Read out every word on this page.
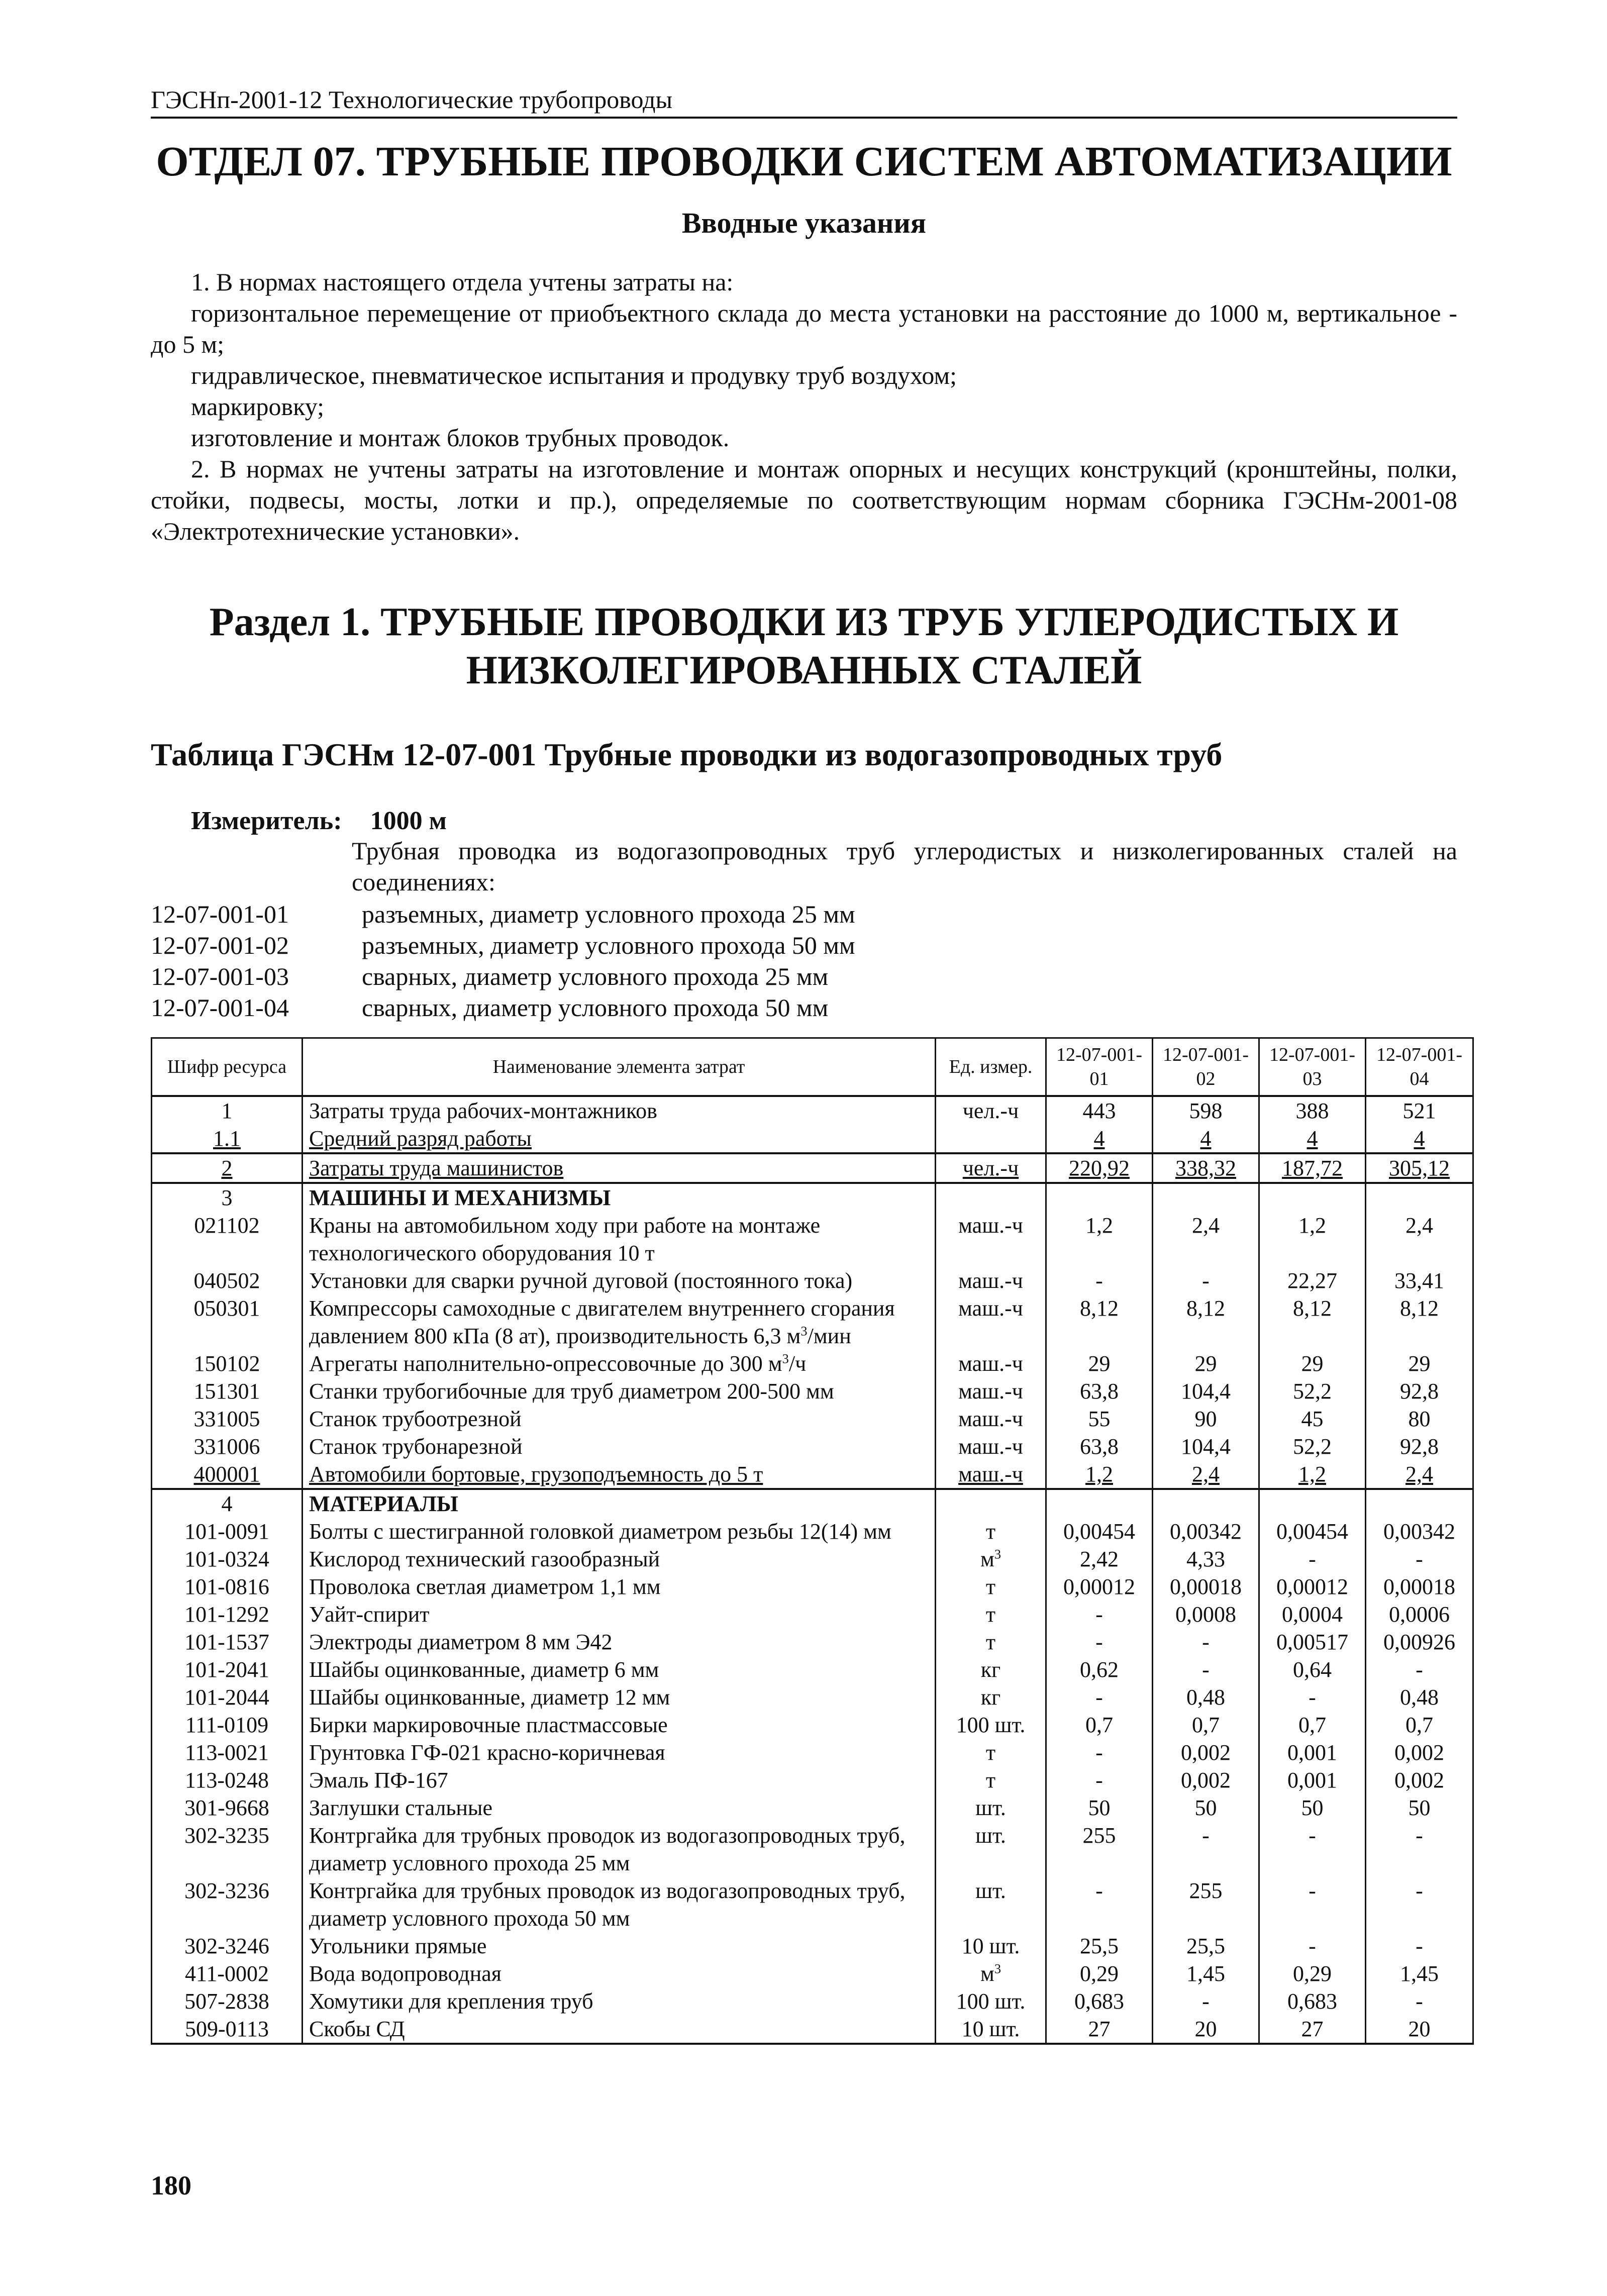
ГЭСНп-2001-12 Технологические трубопроводы
ОТДЕЛ 07. ТРУБНЫЕ ПРОВОДКИ СИСТЕМ АВТОМАТИЗАЦИИ
Вводные указания

1. В нормах настоящего отдела учтены затраты на:

горизонтальное перемещение от приобъектного склада до места установки на расстояние до 1000 м, вертикальное - до 5 м;

гидравлическое, пневматическое испытания и продувку труб воздухом;

маркировку;

изготовление и монтаж блоков трубных проводок.

2. В нормах не учтены затраты на изготовление и монтаж опорных и несущих конструкций (кронштейны, полки, стойки, подвесы, мосты, лотки и пр.), определяемые по соответствующим нормам сборника ГЭСНм-2001-08 «Электротехнические установки».

Раздел 1. ТРУБНЫЕ ПРОВОДКИ ИЗ ТРУБ УГЛЕРОДИСТЫХ И
НИЗКОЛЕГИРОВАННЫХ СТАЛЕЙ
Таблица ГЭСНм 12-07-001 Трубные проводки из водогазопроводных труб
Измеритель: 1000 м
Трубная проводка из водогазопроводных труб углеродистых и низколегированных сталей на соединениях:
12-07-001-01	разъемных, диаметр условного прохода 25 мм
12-07-001-02	разъемных, диаметр условного прохода 50 мм
12-07-001-03	сварных, диаметр условного прохода 25 мм
12-07-001-04	сварных, диаметр условного прохода 50 мм
Шифр ресурса	Наименование элемента затрат	Ед. измер.	12-07-001-01	12-07-001-02	12-07-001-03	12-07-001-04
1	Затраты труда рабочих-монтажников	чел.-ч	443	598	388	521
1.1	Средний разряд работы		4	4	4	4
2	Затраты труда машинистов	чел.-ч	220,92	338,32	187,72	305,12
3	МАШИНЫ И МЕХАНИЗМЫ					
021102	Краны на автомобильном ходу при работе на монтаже технологического оборудования 10 т	маш.-ч	1,2	2,4	1,2	2,4
040502	Установки для сварки ручной дуговой (постоянного тока)	маш.-ч	-	-	22,27	33,41
050301	Компрессоры самоходные с двигателем внутреннего сгорания давлением 800 кПа (8 ат), производительность 6,3 $м^3$/мин	маш.-ч	8,12	8,12	8,12	8,12
150102	Агрегаты наполнительно-опрессовочные до 300 $м^3/ч$	маш.-ч	29	29	29	29
151301	Станки трубогибочные для труб диаметром 200-500 мм	маш.-ч	63,8	104,4	52,2	92,8
331005	Станок трубоотрезной	маш.-ч	55	90	45	80
331006	Станок трубонарезной	маш.-ч	63,8	104,4	52,2	92,8
400001	Автомобили бортовые, грузоподъемность до 5 т	маш.-ч	1,2	2,4	1,2	2,4
4	МАТЕРИАЛЫ					
101-0091	Болты с шестигранной головкой диаметром резьбы 12(14) мм	т	0,00454	0,00342	0,00454	0,00342
101-0324	Кислород технический газообразный	$м^3$	2,42	4,33	-	-
101-0816	Проволока светлая диаметром 1,1 мм	т	0,00012	0,00018	0,00012	0,00018
101-1292	Уайт-спирит	т	-	0,0008	0,0004	0,0006
101-1537	Электроды диаметром 8 мм Э42	т	-	-	0,00517	0,00926
101-2041	Шайбы оцинкованные, диаметр 6 мм	кг	0,62	-	0,64	-
101-2044	Шайбы оцинкованные, диаметр 12 мм	кг	-	0,48	-	0,48
111-0109	Бирки маркировочные пластмассовые	100 шт.	0,7	0,7	0,7	0,7
113-0021	Грунтовка ГФ-021 красно-коричневая	т	-	0,002	0,001	0,002
113-0248	Эмаль ПФ-167	т	-	0,002	0,001	0,002
301-9668	Заглушки стальные	шт.	50	50	50	50
302-3235	Контргайка для трубных проводок из водогазопроводных труб, диаметр условного прохода 25 мм	шт.	255	-	-	-
302-3236	Контргайка для трубных проводок из водогазопроводных труб, диаметр условного прохода 50 мм	шт.	-	255	-	-
302-3246	Угольники прямые	10 шт.	25,5	25,5	-	-
411-0002	Вода водопроводная	$м^3$	0,29	1,45	0,29	1,45
507-2838	Хомутики для крепления труб	100 шт.	0,683	-	0,683	-
509-0113	Скобы СД	10 шт.	27	20	27	20
180
